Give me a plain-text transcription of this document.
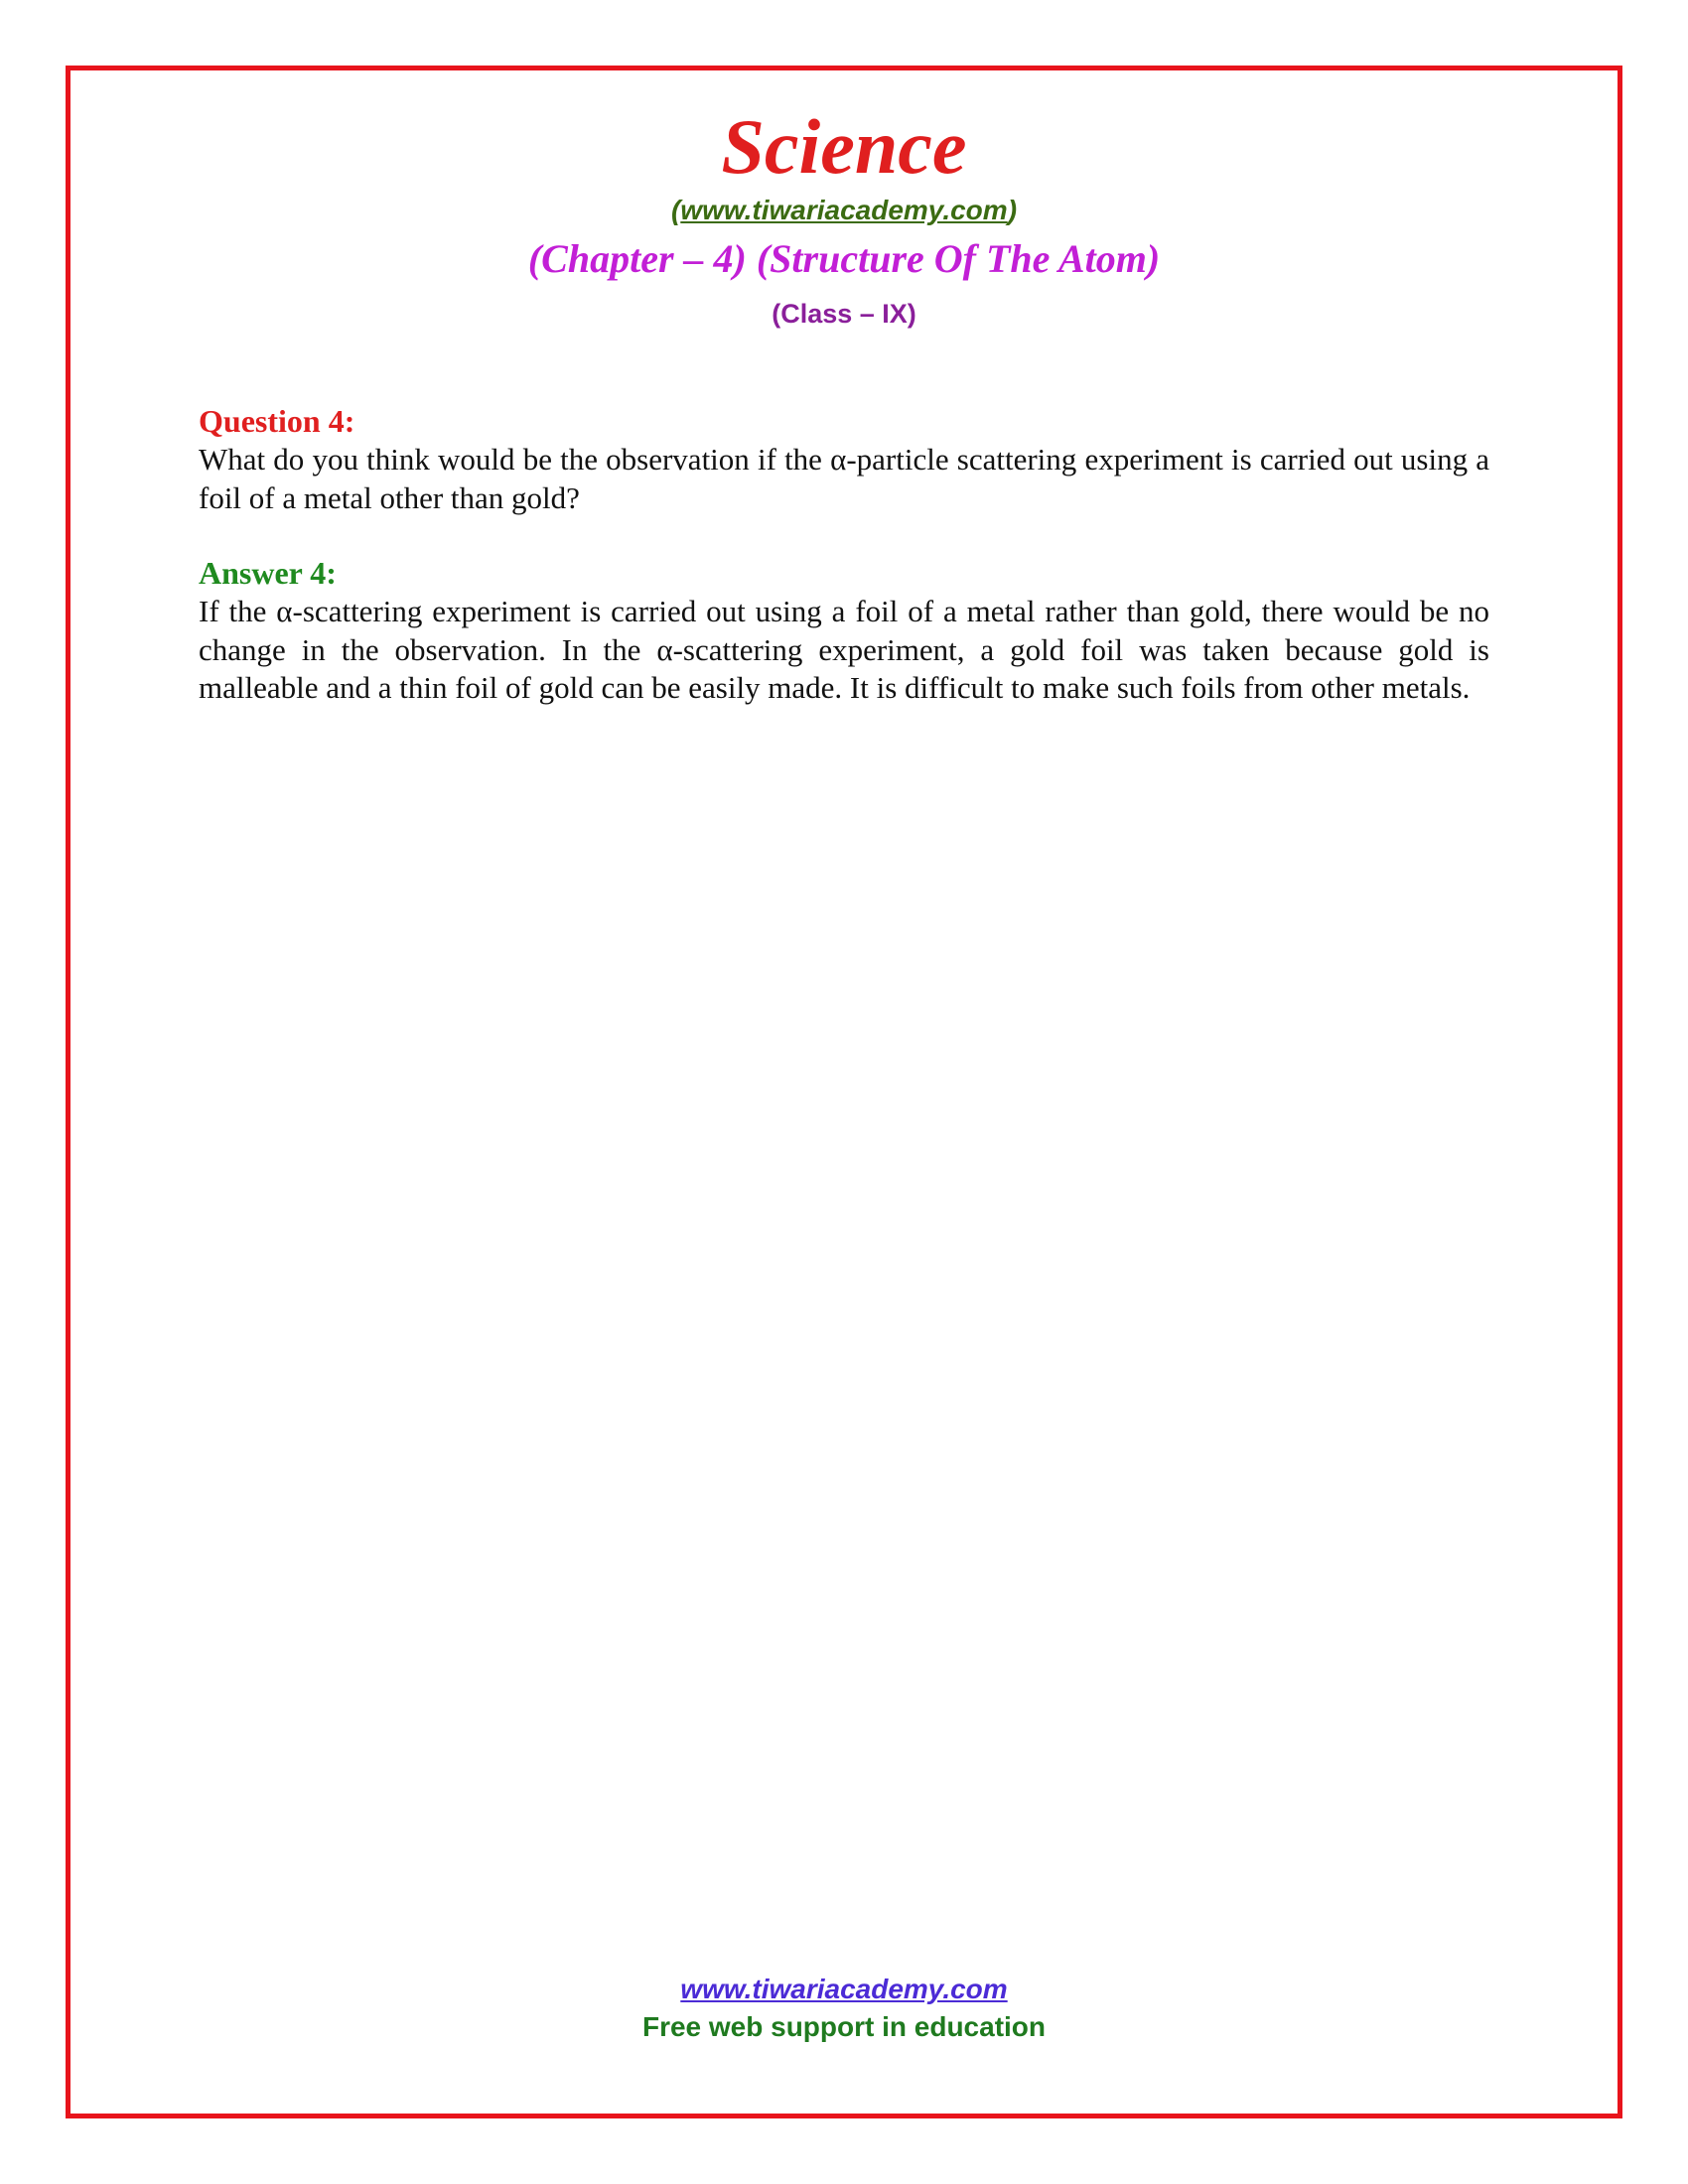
Science
(www.tiwariacademy.com)
(Chapter – 4) (Structure Of The Atom)
(Class – IX)
Question 4:
What do you think would be the observation if the α-particle scattering experiment is carried out using a foil of a metal other than gold?
Answer 4:
If the α-scattering experiment is carried out using a foil of a metal rather than gold, there would be no change in the observation. In the α-scattering experiment, a gold foil was taken because gold is malleable and a thin foil of gold can be easily made. It is difficult to make such foils from other metals.
www.tiwariacademy.com
Free web support in education
